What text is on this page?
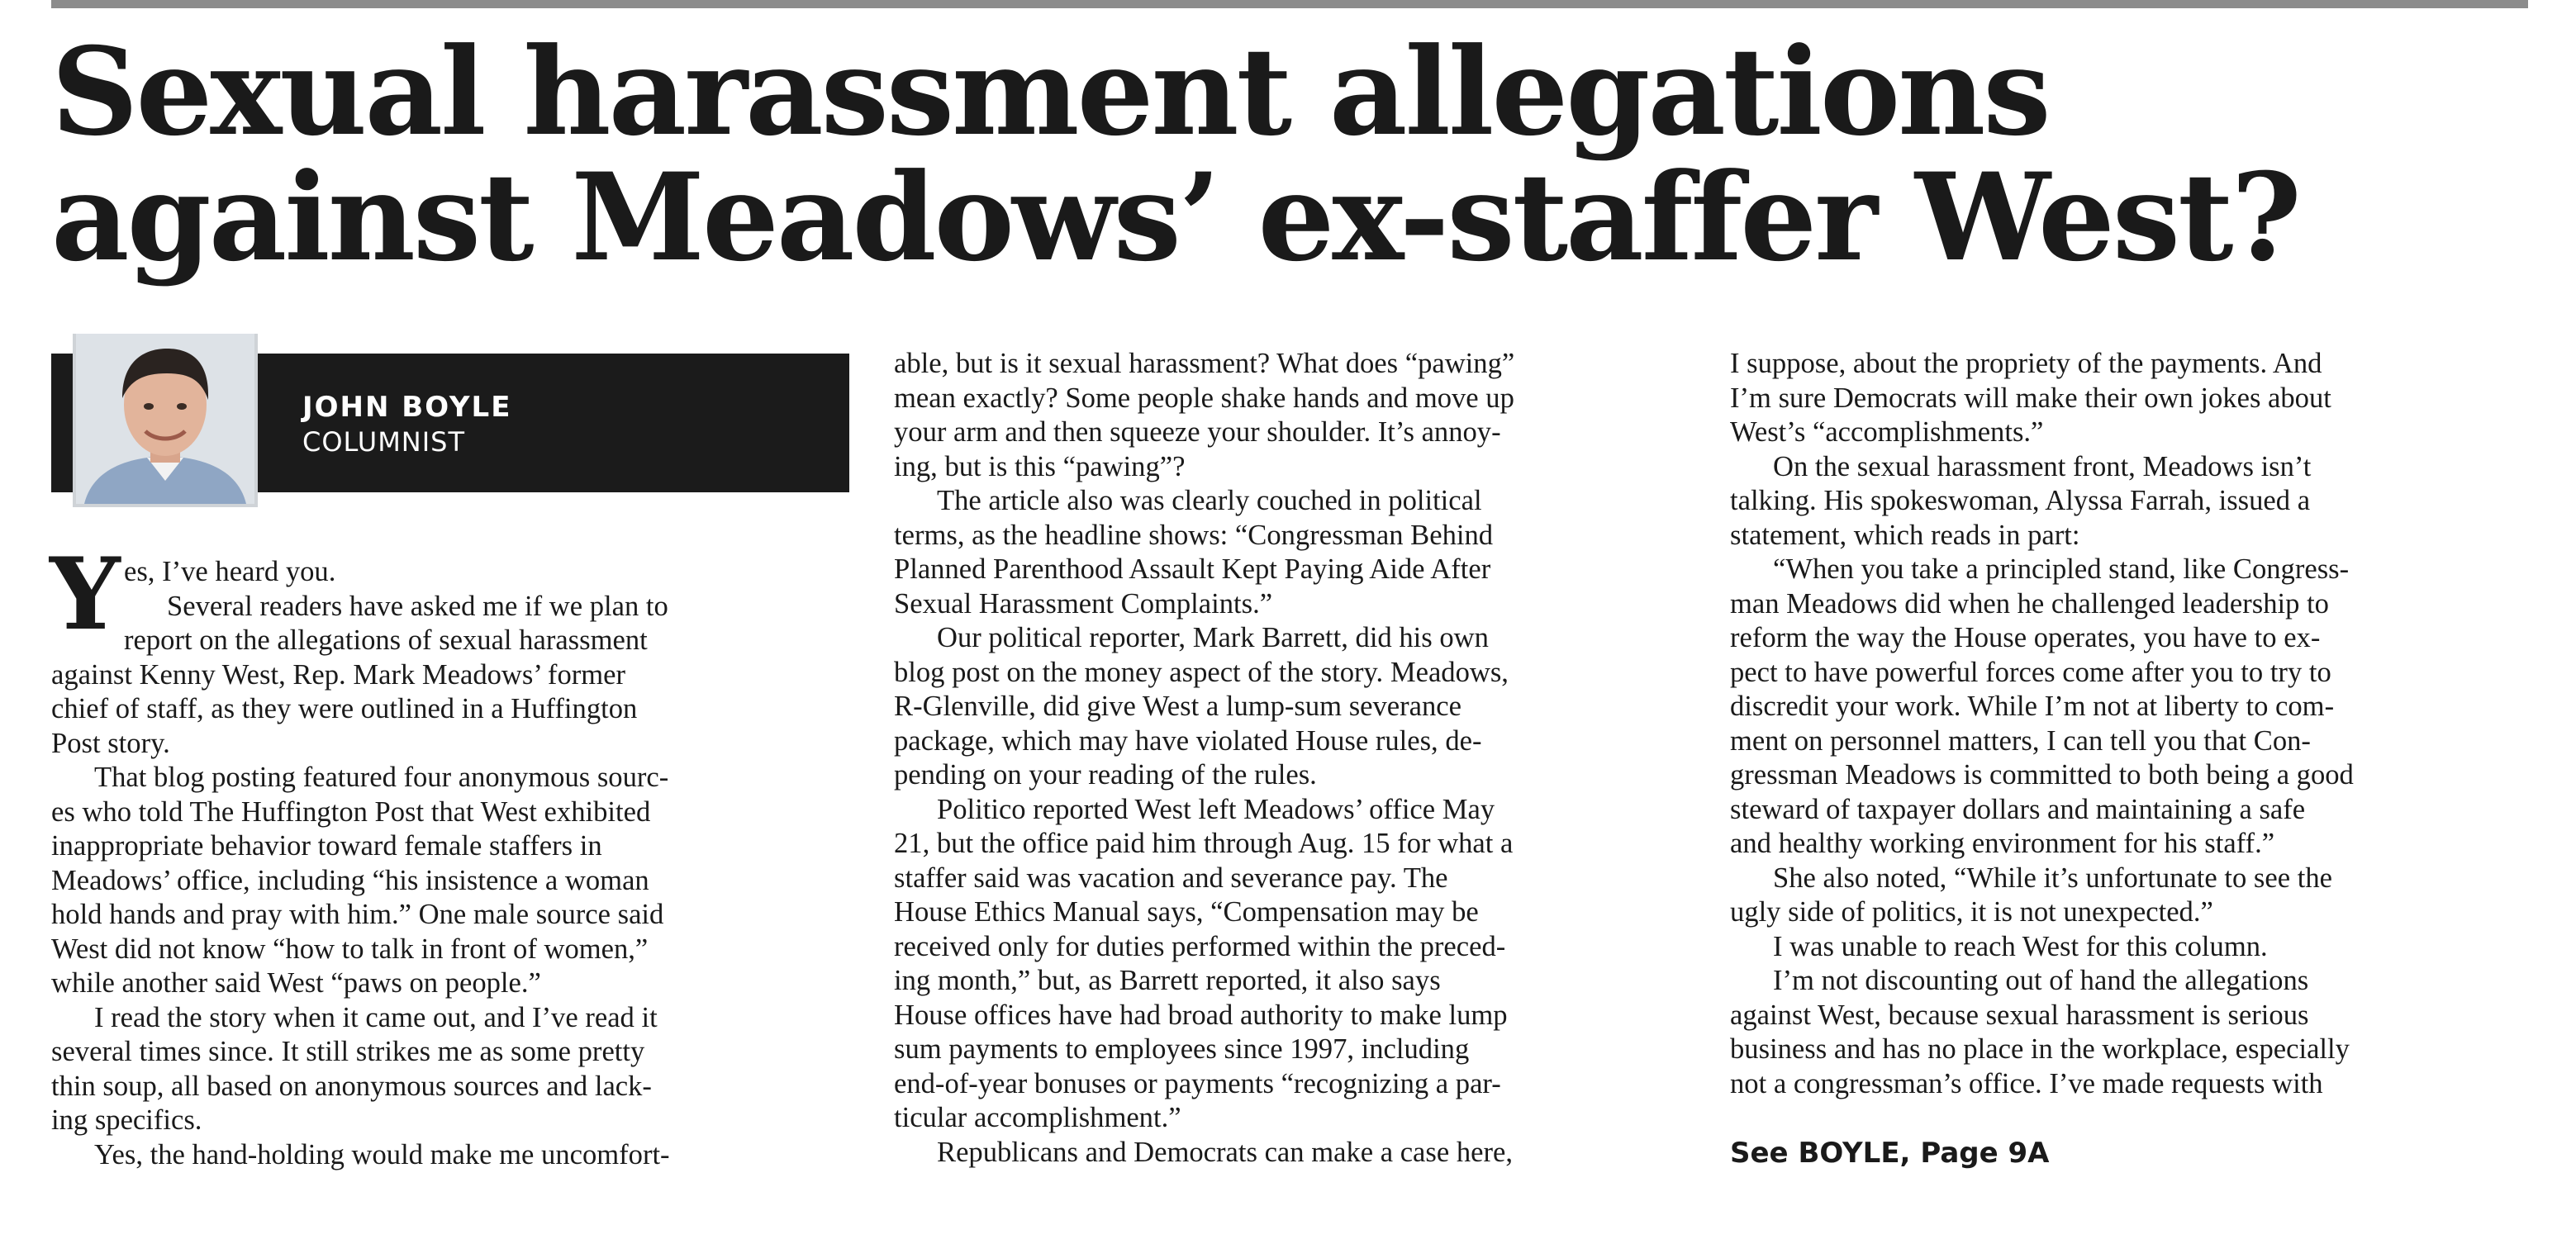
Sexual harassment allegations
against Meadows’ ex-staffer West?
JOHN BOYLE
COLUMNIST
Y es, I’ve heard you.

Several readers have asked me if we plan to

report on the allegations of sexual harassment

against Kenny West, Rep. Mark Meadows’ former

chief of staff, as they were outlined in a Huffington

Post story.

That blog posting featured four anonymous sourc-

es who told The Huffington Post that West exhibited

inappropriate behavior toward female staffers in

Meadows’ office, including “his insistence a woman

hold hands and pray with him.” One male source said

West did not know “how to talk in front of women,”

while another said West “paws on people.”

I read the story when it came out, and I’ve read it

several times since. It still strikes me as some pretty

thin soup, all based on anonymous sources and lack-

ing specifics.

Yes, the hand-holding would make me uncomfort-

able, but is it sexual harassment? What does “pawing”

mean exactly? Some people shake hands and move up

your arm and then squeeze your shoulder. It’s annoy-

ing, but is this “pawing”?

The article also was clearly couched in political

terms, as the headline shows: “Congressman Behind

Planned Parenthood Assault Kept Paying Aide After

Sexual Harassment Complaints.”

Our political reporter, Mark Barrett, did his own

blog post on the money aspect of the story. Meadows,

R-Glenville, did give West a lump-sum severance

package, which may have violated House rules, de-

pending on your reading of the rules.

Politico reported West left Meadows’ office May

21, but the office paid him through Aug. 15 for what a

staffer said was vacation and severance pay. The

House Ethics Manual says, “Compensation may be

received only for duties performed within the preced-

ing month,” but, as Barrett reported, it also says

House offices have had broad authority to make lump

sum payments to employees since 1997, including

end-of-year bonuses or payments “recognizing a par-

ticular accomplishment.”

Republicans and Democrats can make a case here,

I suppose, about the propriety of the payments. And

I’m sure Democrats will make their own jokes about

West’s “accomplishments.”

On the sexual harassment front, Meadows isn’t

talking. His spokeswoman, Alyssa Farrah, issued a

statement, which reads in part:

“When you take a principled stand, like Congress-

man Meadows did when he challenged leadership to

reform the way the House operates, you have to ex-

pect to have powerful forces come after you to try to

discredit your work. While I’m not at liberty to com-

ment on personnel matters, I can tell you that Con-

gressman Meadows is committed to both being a good

steward of taxpayer dollars and maintaining a safe

and healthy working environment for his staff.”

She also noted, “While it’s unfortunate to see the

ugly side of politics, it is not unexpected.”

I was unable to reach West for this column.

I’m not discounting out of hand the allegations

against West, because sexual harassment is serious

business and has no place in the workplace, especially

not a congressman’s office. I’ve made requests with

See BOYLE, Page 9A
